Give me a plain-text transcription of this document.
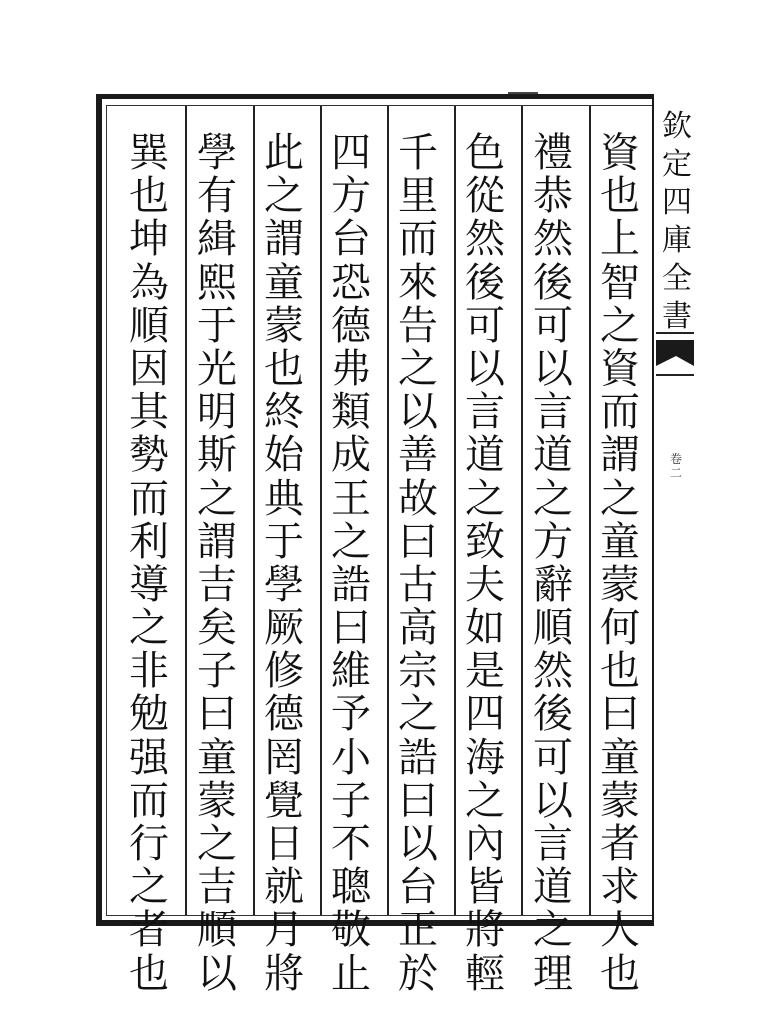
資
也
上
智
之
資
而
謂
之
童
蒙
何
也
曰
童
蒙
者
求
人
也
禮
恭
然
後
可
以
言
道
之
方
辭
順
然
後
可
以
言
道
之
理
色
從
然
後
可
以
言
道
之
致
夫
如
是
四
海
之
內
皆
將
輕
千
里
而
來
告
之
以
善
故
曰
古
高
宗
之
誥
曰
以
台
正
於
四
方
台
恐
德
弗
類
成
王
之
誥
曰
維
予
小
子
不
聰
敬
止
此
之
謂
童
蒙
也
終
始
典
于
學
厥
修
德
罔
覺
日
就
月
將
學
有
緝
熙
于
光
明
斯
之
謂
吉
矣
子
曰
童
蒙
之
吉
順
以
巽
也
坤
為
順
因
其
勢
而
利
導
之
非
勉
强
而
行
之
者
也
欽
定
四
庫
全
書
卷二
